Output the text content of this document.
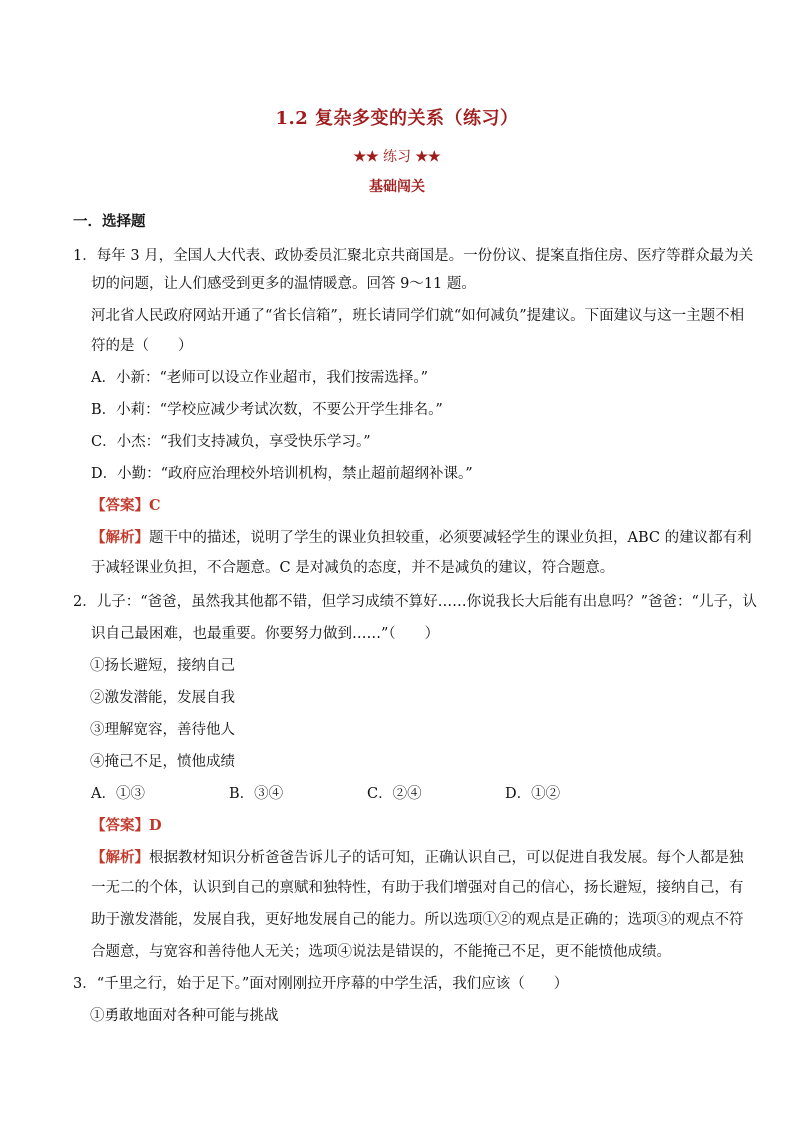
1.2 复杂多变的关系（练习）
★★ 练习 ★★
基础闯关
一．选择题
1．每年 3 月，全国人大代表、政协委员汇聚北京共商国是。一份份议、提案直指住房、医疗等群众最为关
切的问题，让人们感受到更多的温情暖意。回答 9～11 题。
河北省人民政府网站开通了“省长信箱”，班长请同学们就“如何减负”提建议。下面建议与这一主题不相
符的是（　　）
A．小新：“老师可以设立作业超市，我们按需选择。”
B．小莉：“学校应减少考试次数，不要公开学生排名。”
C．小杰：“我们支持减负，享受快乐学习。”
D．小勤：“政府应治理校外培训机构，禁止超前超纲补课。”
【答案】C
【解析】题干中的描述，说明了学生的课业负担较重，必须要减轻学生的课业负担，ABC 的建议都有利
于减轻课业负担，不合题意。C 是对减负的态度，并不是减负的建议，符合题意。
2．儿子：“爸爸，虽然我其他都不错，但学习成绩不算好……你说我长大后能有出息吗？”爸爸：“儿子，认
识自己最困难，也最重要。你要努力做到……”（　　）
①扬长避短，接纳自己
②激发潜能，发展自我
③理解宽容，善待他人
④掩己不足，愤他成绩
A．①③	B．③④	C．②④	D．①②
【答案】D
【解析】根据教材知识分析爸爸告诉儿子的话可知，正确认识自己，可以促进自我发展。每个人都是独
一无二的个体，认识到自己的禀赋和独特性，有助于我们增强对自己的信心，扬长避短，接纳自己，有
助于激发潜能，发展自我，更好地发展自己的能力。所以选项①②的观点是正确的；选项③的观点不符
合题意，与宽容和善待他人无关；选项④说法是错误的，不能掩己不足，更不能愤他成绩。
3．“千里之行，始于足下。”面对刚刚拉开序幕的中学生活，我们应该（　　）
①勇敢地面对各种可能与挑战
